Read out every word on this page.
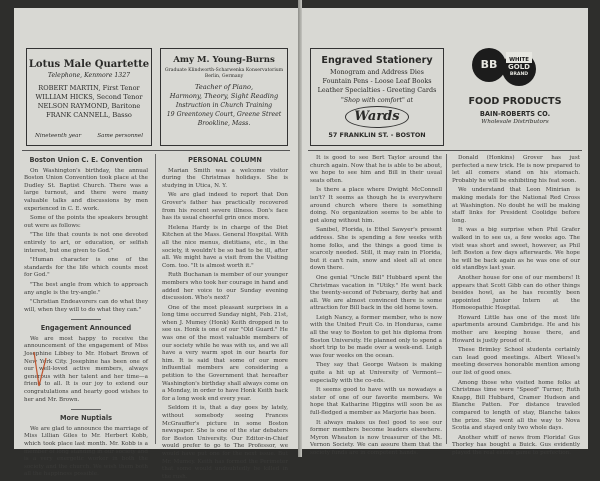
Lotus Male Quartette
Telephone, Kenmore 1327
ROBERT MARTIN, First Tenor
WILLIAM HICKS, Second Tenor
NELSON RAYMOND, Baritone
FRANK CANNELL, Basso
Nineteenth year	Same personnel
Amy M. Young-Burns
Graduate Klindworth-Scharwenka Konservatorium
Berlin, Germany
Teacher of Piano,
Harmony, Theory, Sight Reading
Instruction in Church Training
19 Greentoney Court, Greene Street
Brookline, Mass.
Boston Union C. E. Convention

On Washington's birthday, the annual Boston Union Convention took place at the Dudley St. Baptist Church. There was a large turnout, and there were many valuable talks and discussions by men experienced in C. E. work.

Some of the points the speakers brought out were as follows:

"The life that counts is not one devoted entirely to art, or education, or selfish interest, but one given to God."

"Human character is one of the standards for the life which counts most for God."

"The best angle from which to approach any angle is the try-angle."

"Christian Endeavorers can do what they will, when they will to do what they can."

Engagement Announced

We are most happy to receive the announcement of the engagement of Miss Josephine Libbey to Mr. Hobart Brown of New York City. Josephine has been one of our well-loved active members, always generous with her talent and her time—a friend to all. It is our joy to extend our congratulations and hearty good wishes to her and Mr. Brown.

More Nuptials

We are glad to announce the marriage of Miss Lillian Giles to Mr. Herbert Kobb, which took place last month. Mr. Kobb is a member of long standing in our society and is a very energetic worker in both the society and the church. We wish them both all the happiness possible.

PERSONAL COLUMN

Marian Smith was a welcome visitor during the Christmas holidays. She is studying in Utica, N. Y.

We are glad indeed to report that Don Grover's father has practically recovered from his recent severe illness. Don's face has its usual cheerful grin once more.

Helena Hardy is in charge of the Diet Kitchen at the Mass. General Hospital. With all the nice menus, dietitians, etc., in the society, it wouldn't be so bad to be ill, after all. We might have a visit from the Visiting Com. too. "It is almost worth it."

Ruth Buchanan is member of our younger members who took her courage in hand and added her voice to our Sunday evening discussion. Who's next?

One of the most pleasant surprises in a long time occurred Sunday night, Feb. 21st, when J. Mumey (Honk) Keith dropped in to see us. Honk is one of our "Old Guard." He was one of the most valuable members of our society while he was with us, and we all have a very warm spot in our hearts for him. It is said that some of our more influential members are considering a petition to the Government that hereafter Washington's birthday shall always come on a Monday, in order to have Honk Keith back for a long week end every year.

Seldom it is, that a day goes by lately, without somebody seeing Frances McGrauffer's picture in some Boston newspaper. She is one of the star debaters for Boston University. Our Editor-in-Chief would prefer to go to The Professor, we would have put one for the next issue. But Mr. Mumey. Keith has formed the Perimeter that some would undoubtedly be killed in the rush.

Engraved Stationery
Monogram and Address Dies
Fountain Pens - Loose Leaf Books
Leather Specialties - Greeting Cards
"Shop with comfort" at
Wards
57 FRANKLIN ST. - BOSTON
BB	WHITE
GOLD
BRAND
FOOD PRODUCTS
BAIN-ROBERTS CO.
Wholesale Distributors

It is good to see Bert Taylor around the church again. Now that he is able to be about, we hope to see him and Bill in their usual seats often.

Is there a place where Dwight McConnell isn't? It seems as though he is everywhere around church where there is something doing. No organization seems to be able to get along without him.

Sanibel, Florida, is Ethel Sawyer's present address. She is spending a few weeks with home folks, and the things a good time is scarcely needed. Still, it may rain in Florida, but it can't rain, snow and sleet all at once down there.

One genial "Uncle Bill" Hubbard spent the Christmas vacation in "Utiky." He went back the twenty-second of February, derby hat and all. We are almost convinced there is some attraction for Bill back in the old home town.

Leigh Nancy, a former member, who is now with the United Fruit Co. in Honduras, came all the way to Boston to get his diploma from Boston University. He planned only to spend a short trip to be made over a week-end. Leigh was four weeks on the ocean.

They say that George Watson is making quite a hit up at University of Vermont—especially with the co-eds.

It seems good to have with us nowadays a sister of one of our favorite members. We hope that Katharine Higgins will soon be as full-fledged a member as Marjorie has been.

It always makes us feel good to see our former members become leaders elsewhere. Myron Wheaton is now treasurer of the Mt. Vernon Society. We can assure them that the society funds are in competent hands.

Donald (Honkins) Grover has just perfected a new trick. He is now prepared to let all comers stand on his stomach. Probably he will be exhibiting his feat soon.

We understand that Leon Minirian is making medals for the National Red Cross at Washington. No doubt he will be making staff links for President Coolidge before long.

It was a big surprise when Phil Grafer walked in to see us, a few weeks ago. The visit was short and sweet, however, as Phil left Boston a few days afterwards. We hope he will be back again as he was one of our old standbys last year.

Another house for one of our members! It appears that Scott Gibb can do other things besides howl, as he has recently been appointed Junior Intern at the Homoeopathic Hospital.

Howard Little has one of the most life apartments around Cambridge. He and his mother are keeping house there, and Howard is justly proud of it.

These Brimley School students certainly can lead good meetings. Albert Wiesel's meeting deserves honorable mention among our list of good ones.

Among those who visited home folks at Christmas time were "Speed" Turner, Ruth Knapp, Bill Hubbard, Cramer Hudson and Blanche Patten. For distance traveled compared to length of stay, Blanche takes the prize. She went all the way to Nova Scotia and stayed only two whole days.

Another whiff of news from Florida! Gus Thorley has bought a Buick. Gus evidently played the real estate game to perfection.
